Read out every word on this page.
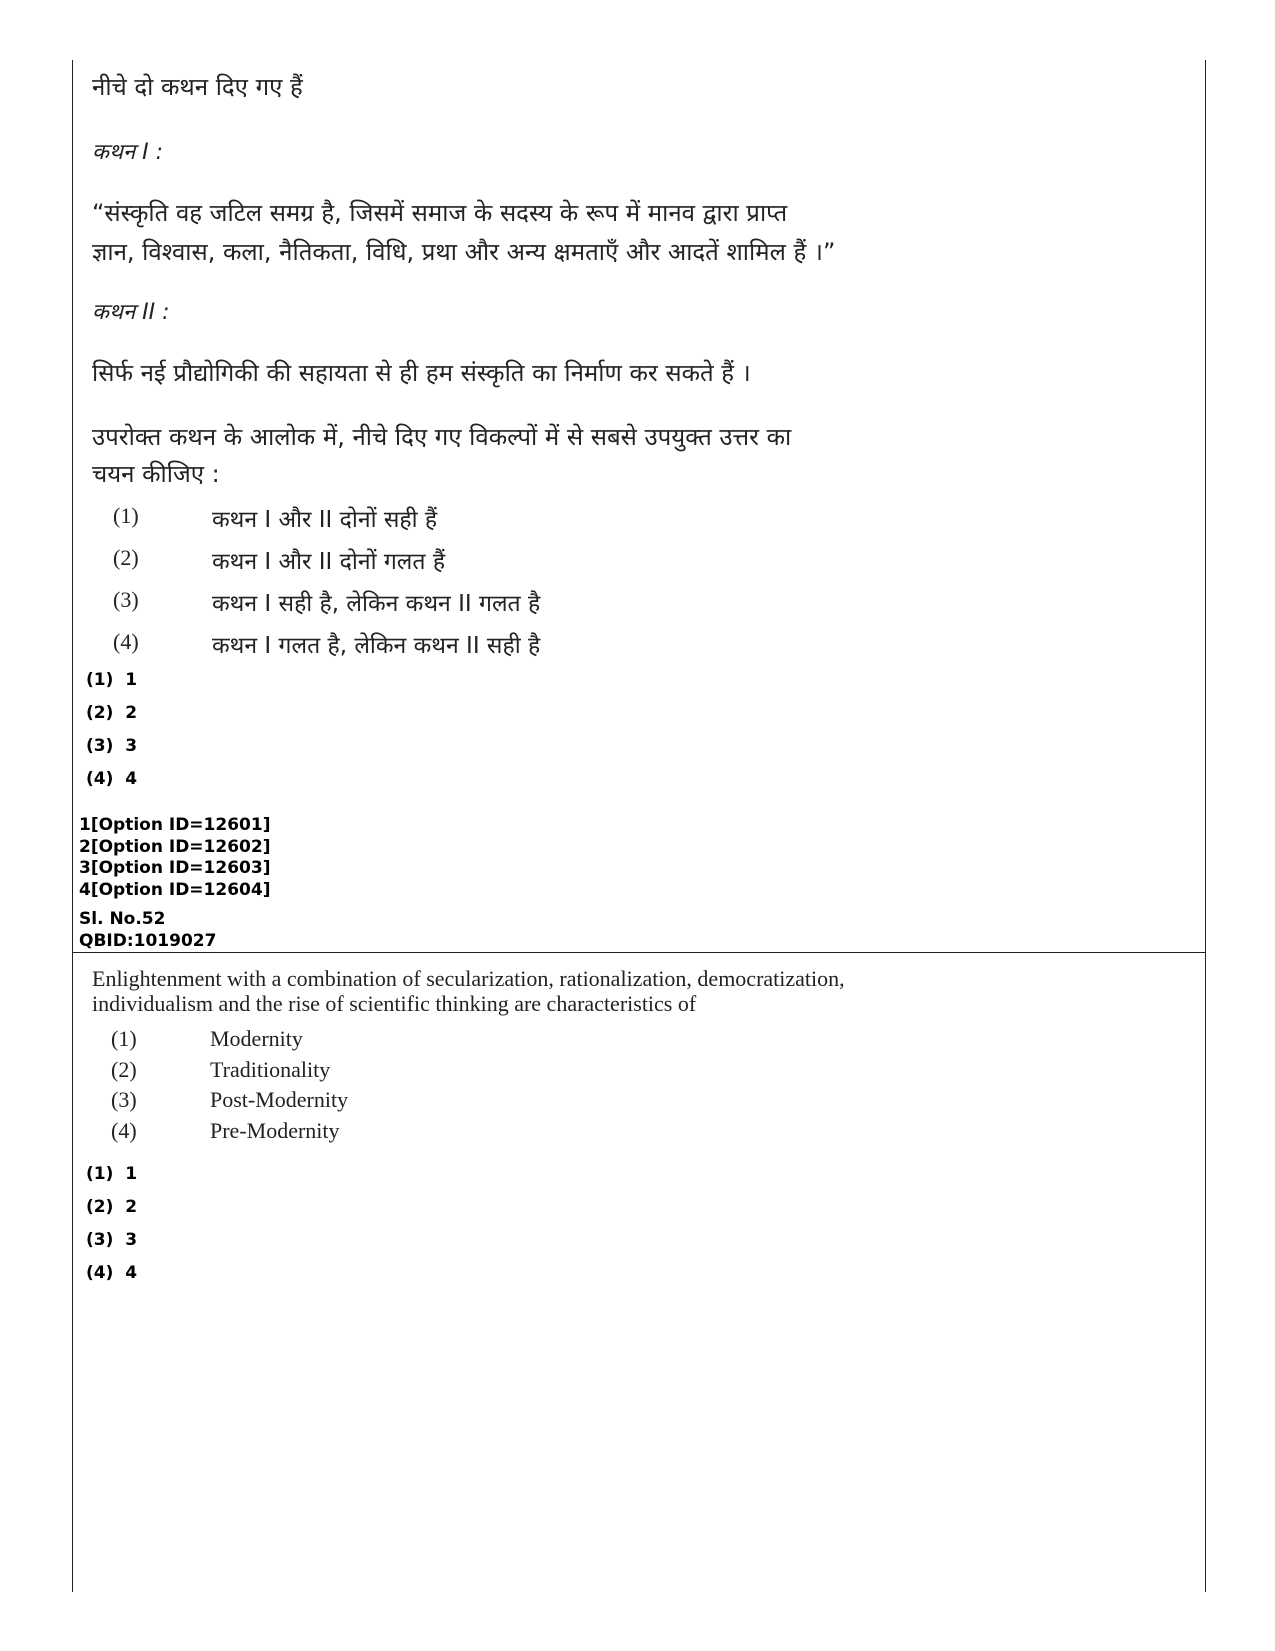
नीचे दो कथन दिए गए हैं
कथन I :
“संस्कृति वह जटिल समग्र है, जिसमें समाज के सदस्य के रूप में मानव द्वारा प्राप्त
ज्ञान, विश्वास, कला, नैतिकता, विधि, प्रथा और अन्य क्षमताएँ और आदतें शामिल हैं ।”
कथन II :
सिर्फ नई प्रौद्योगिकी की सहायता से ही हम संस्कृति का निर्माण कर सकते हैं ।
उपरोक्त कथन के आलोक में, नीचे दिए गए विकल्पों में से सबसे उपयुक्त उत्तर का
चयन कीजिए :
(1)	कथन I और II दोनों सही हैं
(2)	कथन I और II दोनों गलत हैं
(3)	कथन I सही है, लेकिन कथन II गलत है
(4)	कथन I गलत है, लेकिन कथन II सही है
(1)  1
(2)  2
(3)  3
(4)  4
1[Option ID=12601]
2[Option ID=12602]
3[Option ID=12603]
4[Option ID=12604]
Sl. No.52
QBID:1019027
Enlightenment with a combination of secularization, rationalization, democratization,
individualism and the rise of scientific thinking are characteristics of
(1)	Modernity
(2)	Traditionality
(3)	Post-Modernity
(4)	Pre-Modernity
(1)  1
(2)  2
(3)  3
(4)  4
